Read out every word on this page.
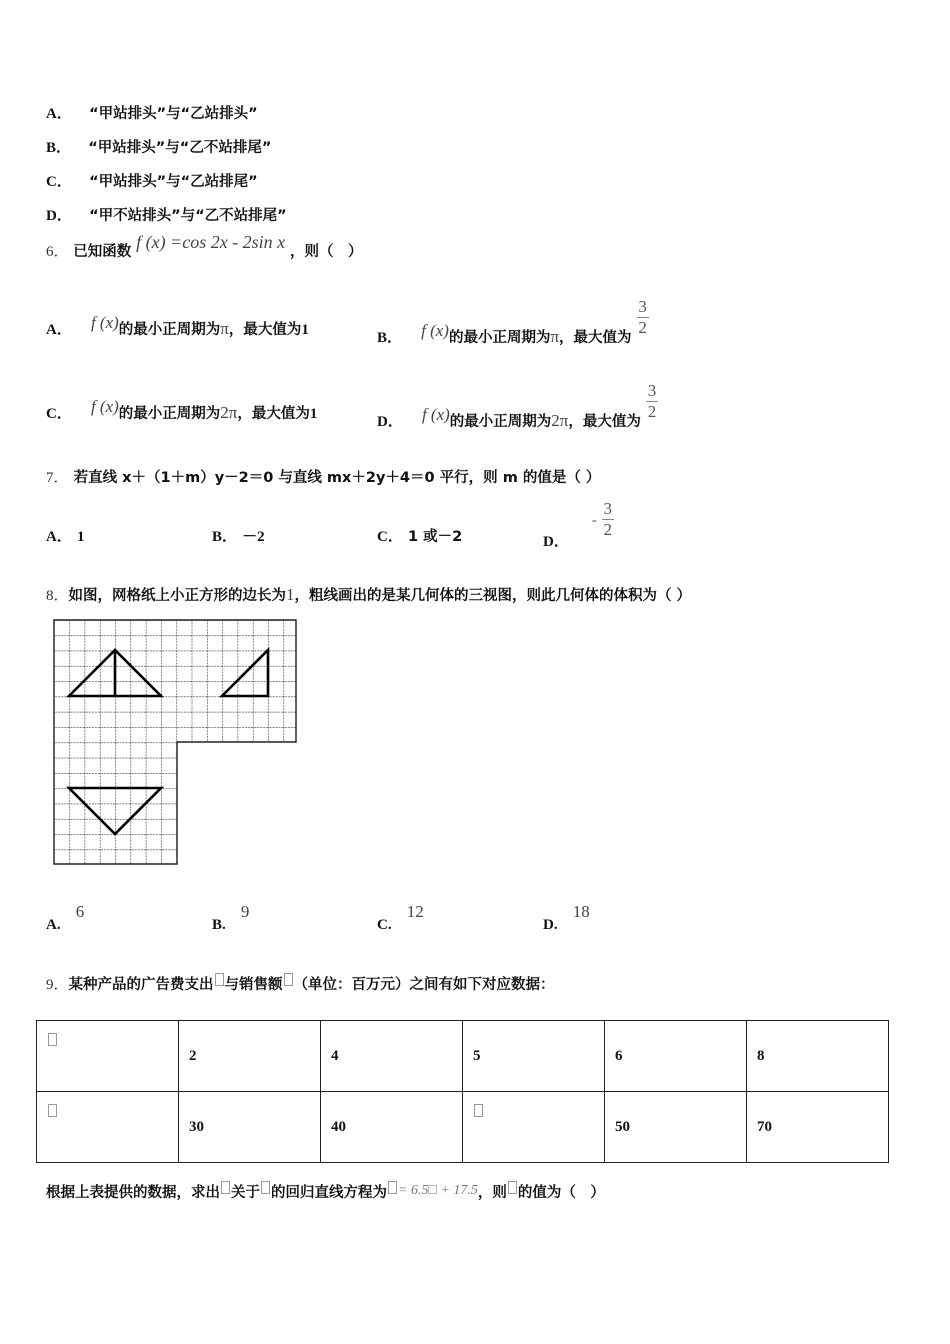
A． “甲站排头”与“乙站排头”
B． “甲站排头”与“乙不站排尾”
C． “甲站排头”与“乙站排尾”
D． “甲不站排头”与“乙不站排尾”
6． 已知函数 f (x) =cos 2x - 2sin x ，则（　）
A． f (x)的最小正周期为π，最大值为1	B． f (x)的最小正周期为π，最大值为
$\frac{3}{2}$
C． f (x)的最小正周期为2π，最大值为1	D． f (x)的最小正周期为2π，最大值为
$\frac{3}{2}$
7． 若直线 x＋（1＋m）y－2＝0 与直线 mx＋2y＋4＝0 平行，则 m 的值是（ ）
A． 1	B． －2	C． 1 或－2	D． - $\frac{3}{2}$
8．如图，网格纸上小正方形的边长为1，粗线画出的是某几何体的三视图，则此几何体的体积为（ ）
A. 6
B. 9
C. 12
D. 18
9．某种产品的广告费支出 与销售额 （单位：百万元）之间有如下对应数据：
	2	4	5	6	8

	30	40		50	70
根据上表提供的数据，求出 关于 的回归直线方程为 = 6.5□ + 17.5，则 的值为（　）
